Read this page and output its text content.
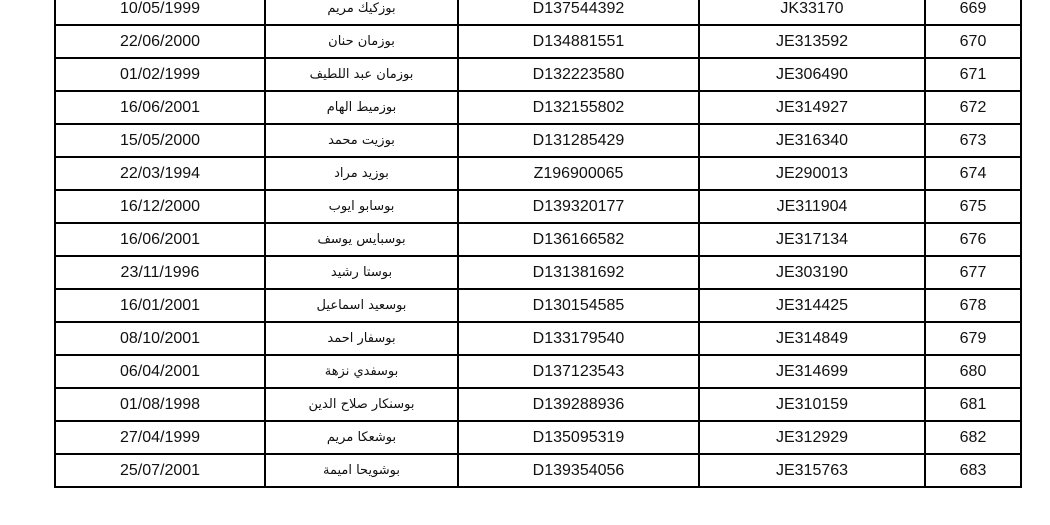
10/05/1999	بوزكيك مريم	D137544392	JK33170	669
22/06/2000	بوزمان حنان	D134881551	JE313592	670
01/02/1999	بوزمان عبد اللطيف	D132223580	JE306490	671
16/06/2001	بوزميط الهام	D132155802	JE314927	672
15/05/2000	بوزيت محمد	D131285429	JE316340	673
22/03/1994	بوزيد مراد	Z196900065	JE290013	674
16/12/2000	بوسابو ايوب	D139320177	JE311904	675
16/06/2001	بوسبايس يوسف	D136166582	JE317134	676
23/11/1996	بوستا رشيد	D131381692	JE303190	677
16/01/2001	بوسعيد اسماعيل	D130154585	JE314425	678
08/10/2001	بوسفار احمد	D133179540	JE314849	679
06/04/2001	بوسفدي نزهة	D137123543	JE314699	680
01/08/1998	بوسنكار صلاح الدين	D139288936	JE310159	681
27/04/1999	بوشعكا مريم	D135095319	JE312929	682
25/07/2001	بوشويحا اميمة	D139354056	JE315763	683
